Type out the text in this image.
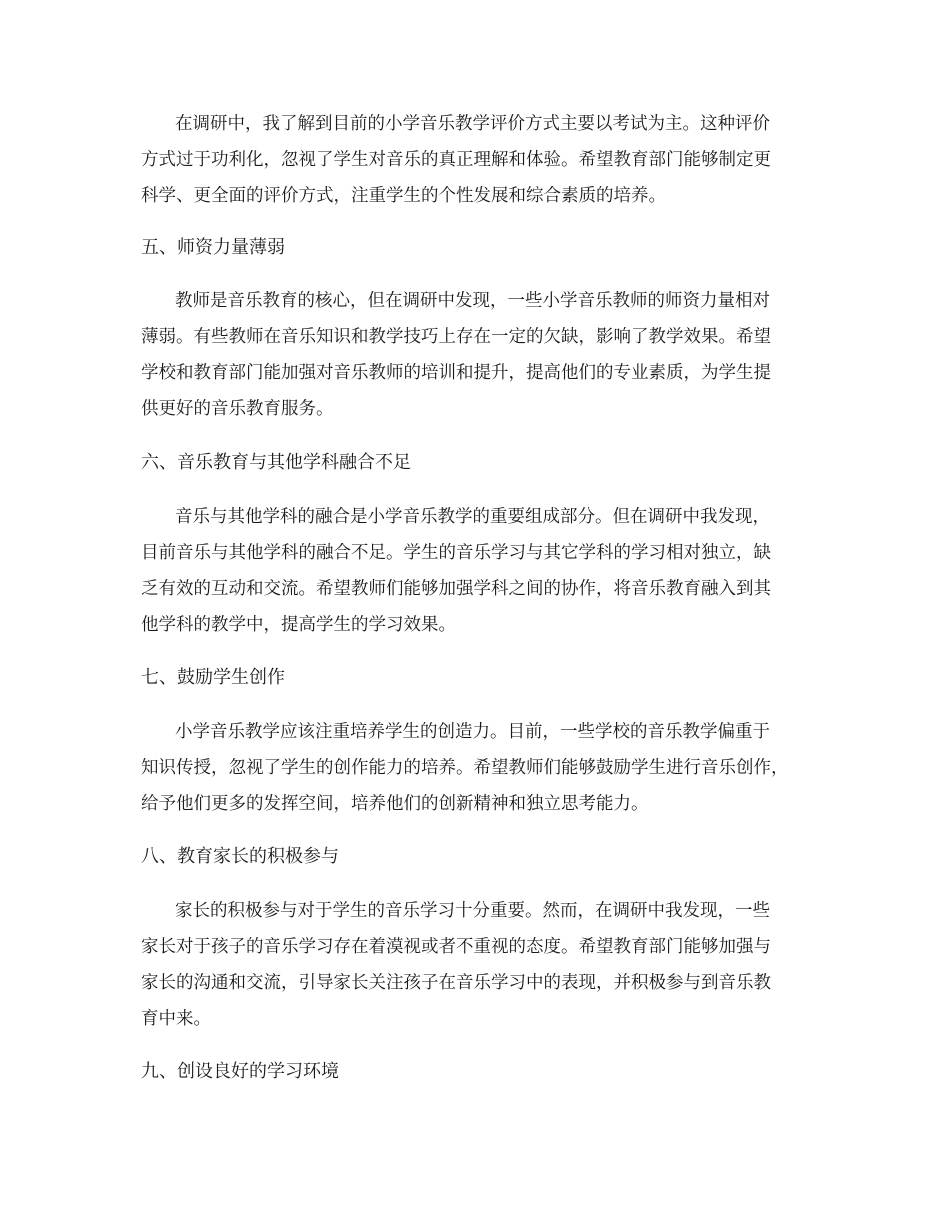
在调研中，我了解到目前的小学音乐教学评价方式主要以考试为主。这种评价

方式过于功利化，忽视了学生对音乐的真正理解和体验。希望教育部门能够制定更

科学、更全面的评价方式，注重学生的个性发展和综合素质的培养。

五、师资力量薄弱

教师是音乐教育的核心，但在调研中发现，一些小学音乐教师的师资力量相对

薄弱。有些教师在音乐知识和教学技巧上存在一定的欠缺，影响了教学效果。希望

学校和教育部门能加强对音乐教师的培训和提升，提高他们的专业素质，为学生提

供更好的音乐教育服务。

六、音乐教育与其他学科融合不足

音乐与其他学科的融合是小学音乐教学的重要组成部分。但在调研中我发现，

目前音乐与其他学科的融合不足。学生的音乐学习与其它学科的学习相对独立，缺

乏有效的互动和交流。希望教师们能够加强学科之间的协作，将音乐教育融入到其

他学科的教学中，提高学生的学习效果。

七、鼓励学生创作

小学音乐教学应该注重培养学生的创造力。目前，一些学校的音乐教学偏重于

知识传授，忽视了学生的创作能力的培养。希望教师们能够鼓励学生进行音乐创作，

给予他们更多的发挥空间，培养他们的创新精神和独立思考能力。

八、教育家长的积极参与

家长的积极参与对于学生的音乐学习十分重要。然而，在调研中我发现，一些

家长对于孩子的音乐学习存在着漠视或者不重视的态度。希望教育部门能够加强与

家长的沟通和交流，引导家长关注孩子在音乐学习中的表现，并积极参与到音乐教

育中来。

九、创设良好的学习环境
